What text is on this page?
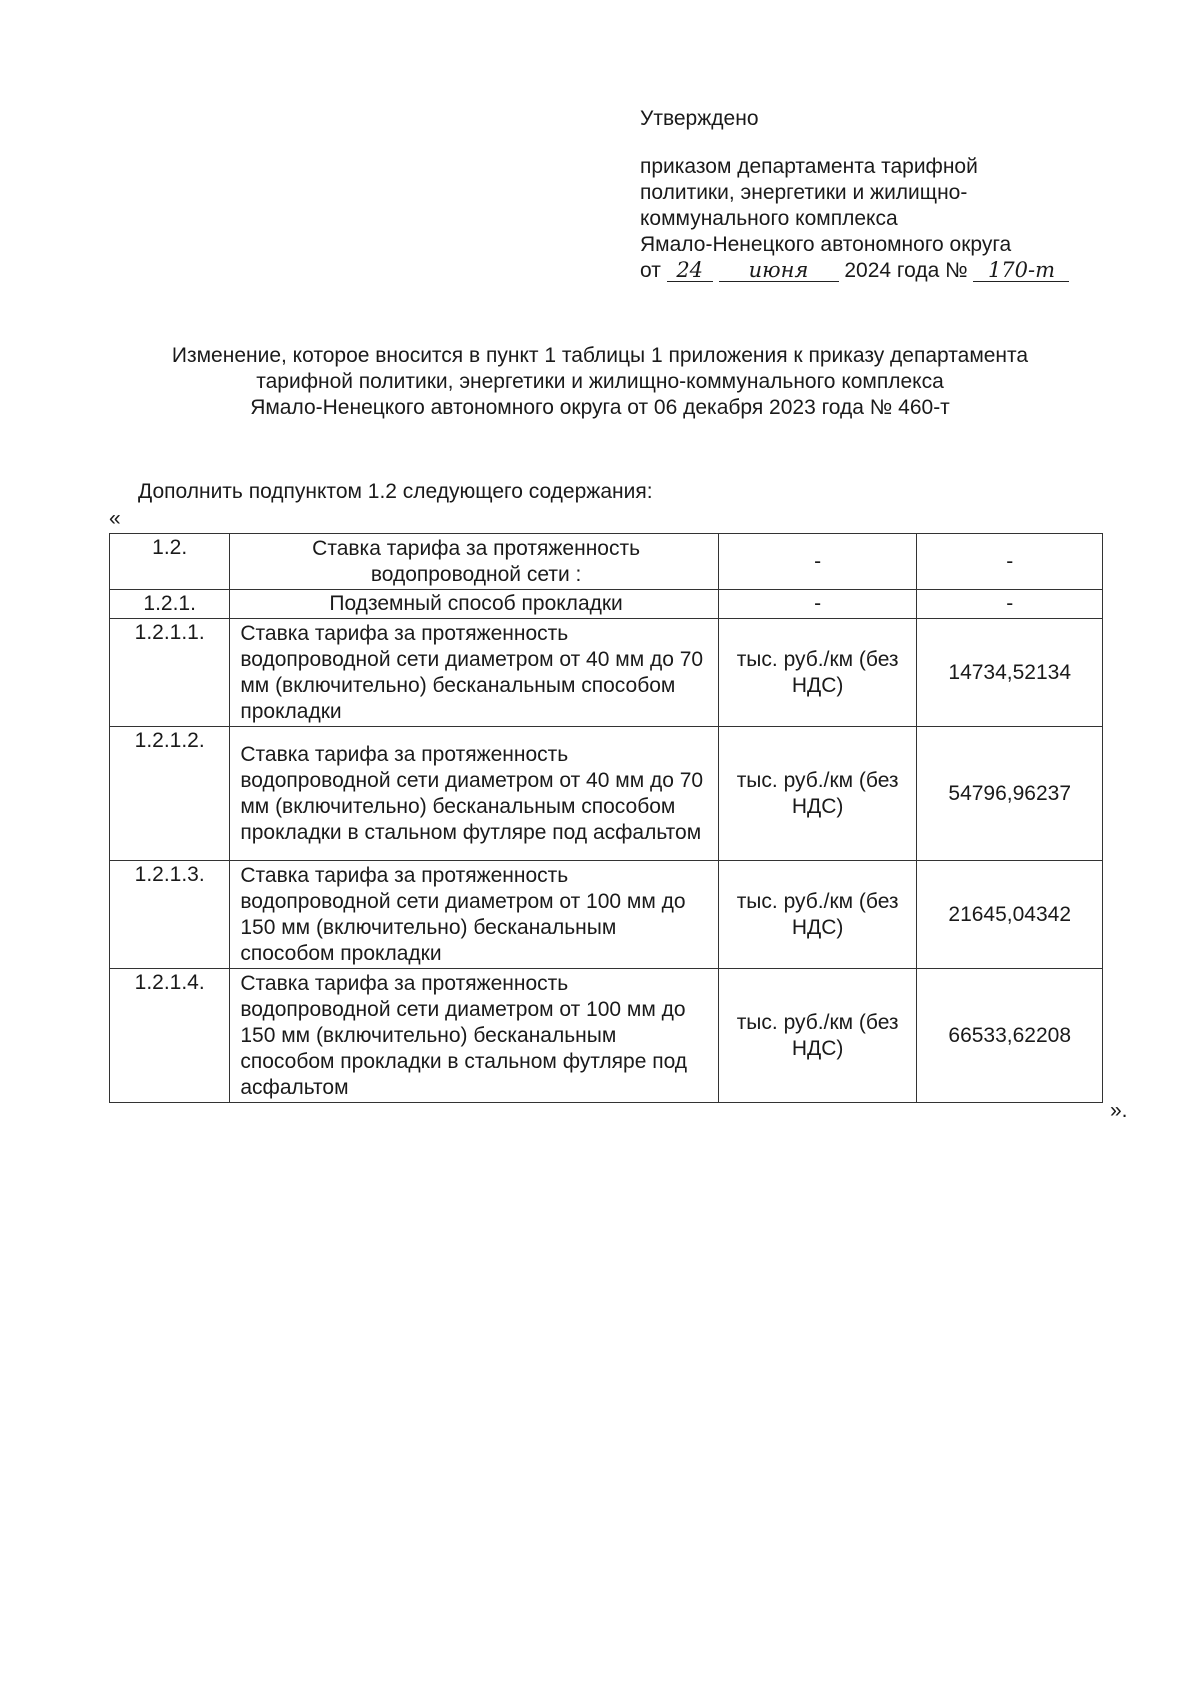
Утверждено
приказом департамента тарифной
политики, энергетики и жилищно-
коммунального комплекса
Ямало-Ненецкого автономного округа
от 24 июня 2024 года № 170-т
Изменение, которое вносится в пункт 1 таблицы 1 приложения к приказу департамента
тарифной политики, энергетики и жилищно-коммунального комплекса
Ямало-Ненецкого автономного округа от 06 декабря 2023 года № 460-т
Дополнить подпунктом 1.2 следующего содержания:
«
1.2.	Ставка тарифа за протяженность водопроводной сети :	-	-
1.2.1.	Подземный способ прокладки	-	-
1.2.1.1.	Ставка тарифа за протяженность водопроводной сети диаметром от 40 мм до 70 мм (включительно) бесканальным способом прокладки	тыс. руб./км (без НДС)	14734,52134
1.2.1.2.	Ставка тарифа за протяженность водопроводной сети диаметром от 40 мм до 70 мм (включительно) бесканальным способом прокладки в стальном футляре под асфальтом	тыс. руб./км (без НДС)	54796,96237
1.2.1.3.	Ставка тарифа за протяженность водопроводной сети диаметром от 100 мм до 150 мм (включительно) бесканальным способом прокладки	тыс. руб./км (без НДС)	21645,04342
1.2.1.4.	Ставка тарифа за протяженность водопроводной сети диаметром от 100 мм до 150 мм (включительно) бесканальным способом прокладки в стальном футляре под асфальтом	тыс. руб./км (без НДС)	66533,62208
».
